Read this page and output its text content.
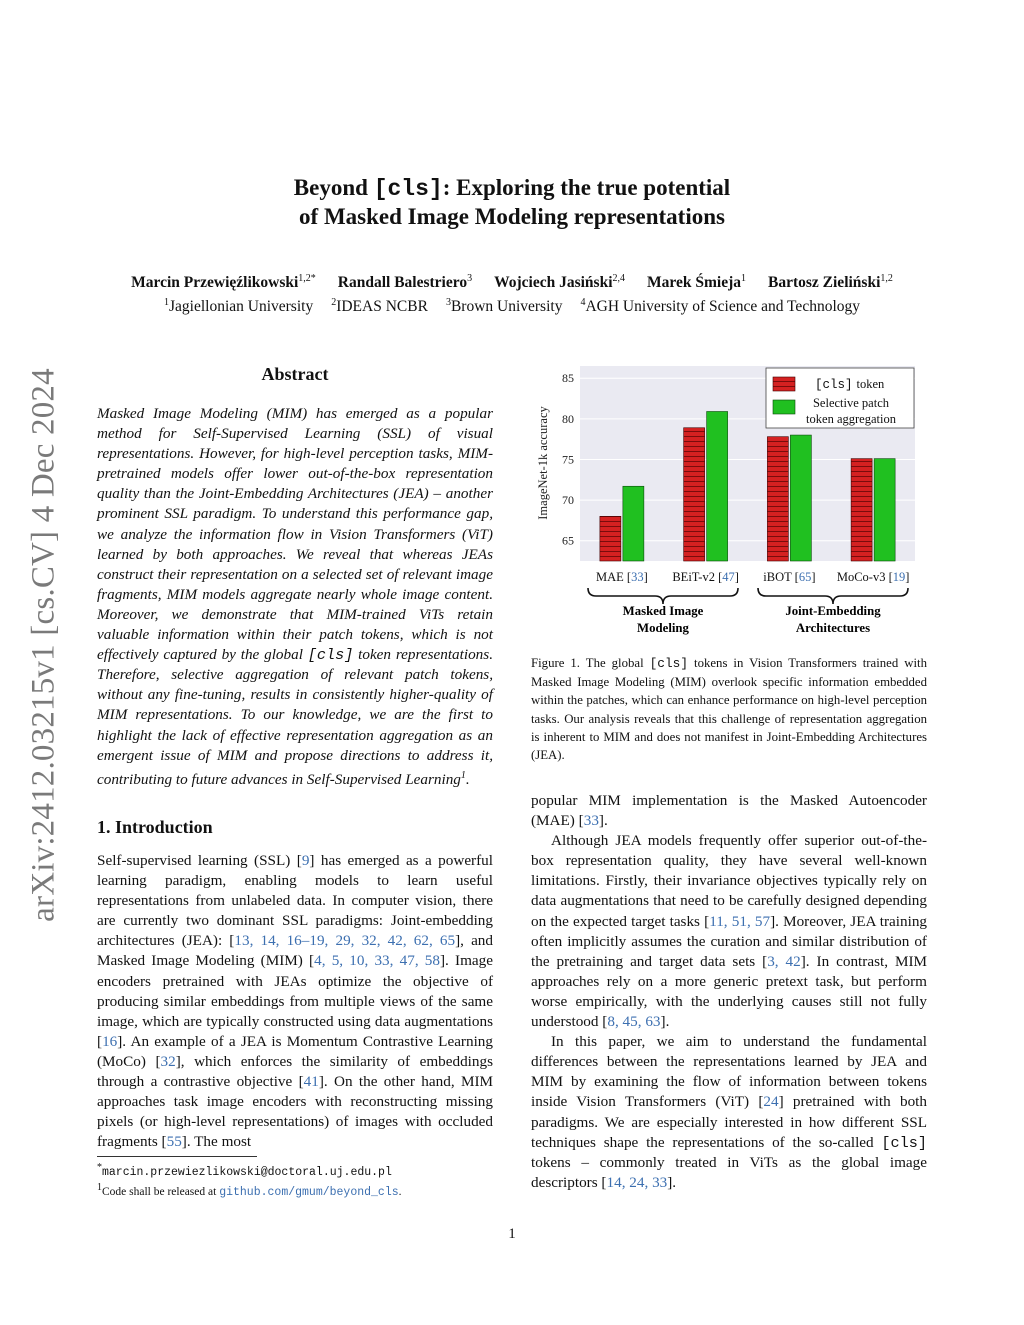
arXiv:2412.03215v1 [cs.CV] 4 Dec 2024
Beyond [cls]: Exploring the true potential
of Masked Image Modeling representations
Marcin Przewięźlikowski$^{1,2*}$ Randall Balestriero$^3$ Wojciech Jasiński$^{2,4}$ Marek Śmieja$^1$ Bartosz Zieliński$^{1,2}$
$^1$Jagiellonian University $^2$IDEAS NCBR $^3$Brown University $^4$AGH University of Science and Technology
Abstract
Masked Image Modeling (MIM) has emerged as a popular method for Self-Supervised Learning (SSL) of visual representations. However, for high-level perception tasks, MIM-pretrained models offer lower out-of-the-box representation quality than the Joint-Embedding Architectures (JEA) – another prominent SSL paradigm. To understand this performance gap, we analyze the information flow in Vision Transformers (ViT) learned by both approaches. We reveal that whereas JEAs construct their representation on a selected set of relevant image fragments, MIM models aggregate nearly whole image content. Moreover, we demonstrate that MIM-trained ViTs retain valuable information within their patch tokens, which is not effectively captured by the global [cls] token representations. Therefore, selective aggregation of relevant patch tokens, without any fine-tuning, results in consistently higher-quality of MIM representations. To our knowledge, we are the first to highlight the lack of effective representation aggregation as an emergent issue of MIM and propose directions to address it, contributing to future advances in Self-Supervised Learning$^1$.
1. Introduction
Self-supervised learning (SSL) [9] has emerged as a powerful learning paradigm, enabling models to learn useful representations from unlabeled data. In computer vision, there are currently two dominant SSL paradigms: Joint-embedding architectures (JEA): [13, 14, 16–19, 29, 32, 42, 62, 65], and Masked Image Modeling (MIM) [4, 5, 10, 33, 47, 58]. Image encoders pretrained with JEAs optimize the objective of producing similar embeddings from multiple views of the same image, which are typically constructed using data augmentations [16]. An example of a JEA is Momentum Contrastive Learning (MoCo) [32], which enforces the similarity of embeddings through a contrastive objective [41]. On the other hand, MIM approaches task image encoders with reconstructing missing pixels (or high-level representations) of images with occluded fragments [55]. The most
*marcin.przewiezlikowski@doctoral.uj.edu.pl
$^1$Code shall be released at github.com/gmum/beyond_cls.
65
70
75
80
85
MAE [33] BEiT-v2 [47] iBOT [65] MoCo-v3 [19]
ImageNet-1k accuracy
[cls] token
Selective patch
token aggregation
Masked Image
Modeling
Joint-Embedding
Architectures
Figure 1. The global [cls] tokens in Vision Transformers trained with Masked Image Modeling (MIM) overlook specific information embedded within the patches, which can enhance performance on high-level perception tasks. Our analysis reveals that this challenge of representation aggregation is inherent to MIM and does not manifest in Joint-Embedding Architectures (JEA).

popular MIM implementation is the Masked Autoencoder (MAE) [33].

Although JEA models frequently offer superior out-of-the-box representation quality, they have several well-known limitations. Firstly, their invariance objectives typically rely on data augmentations that need to be carefully designed depending on the expected target tasks [11, 51, 57]. Moreover, JEA training often implicitly assumes the curation and similar distribution of the pretraining and target data sets [3, 42]. In contrast, MIM approaches rely on a more generic pretext task, but perform worse empirically, with the underlying causes still not fully understood [8, 45, 63].

In this paper, we aim to understand the fundamental differences between the representations learned by JEA and MIM by examining the flow of information between tokens inside Vision Transformers (ViT) [24] pretrained with both paradigms. We are especially interested in how different SSL techniques shape the representations of the so-called [cls] tokens – commonly treated in ViTs as the global image descriptors [14, 24, 33].

1
